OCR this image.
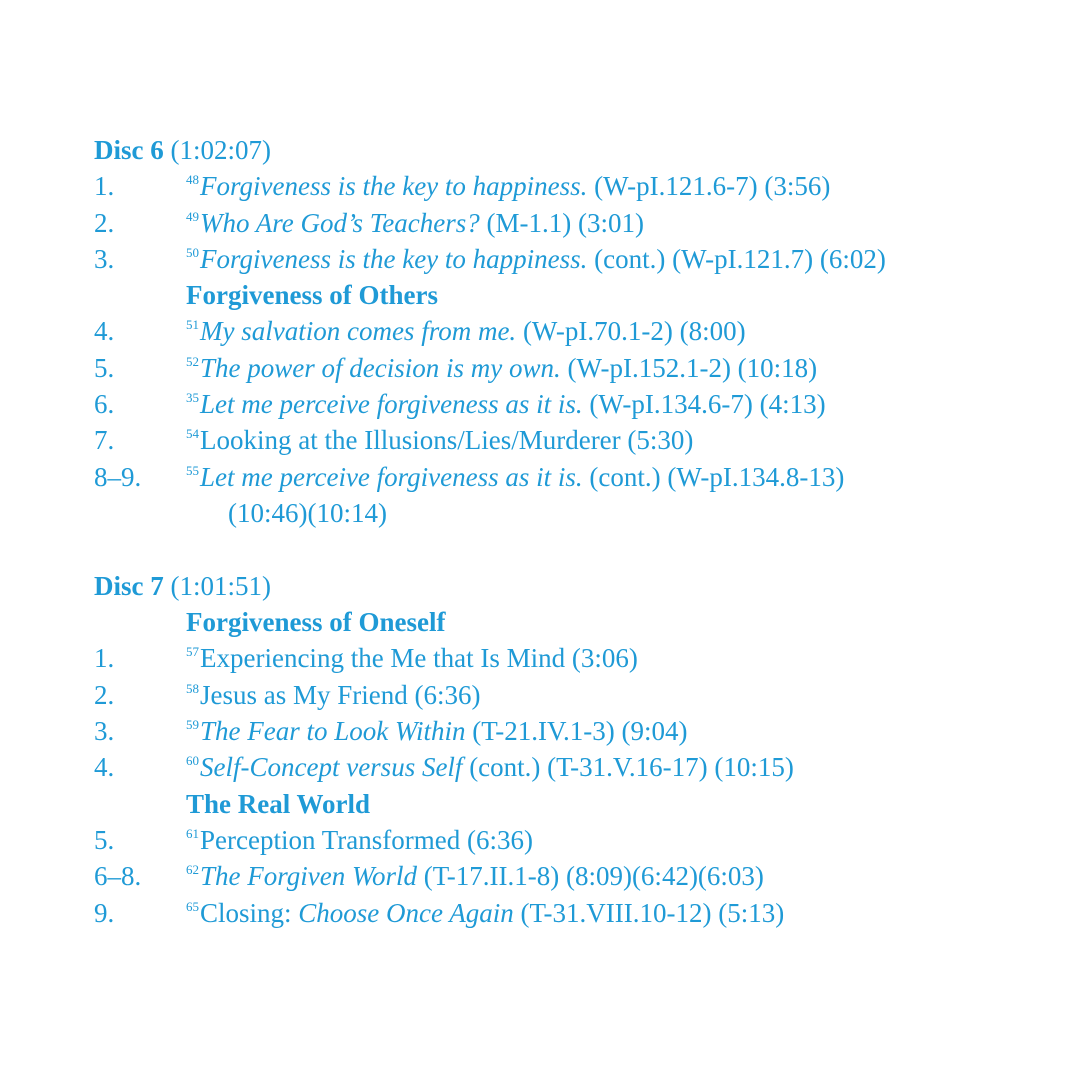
Disc 6 (1:02:07)
1.	$^{48}$Forgiveness is the key to happiness. (W-pI.121.6-7) (3:56)
2.	$^{49}$Who Are God’s Teachers? (M-1.1) (3:01)
3.	$^{50}$Forgiveness is the key to happiness. (cont.) (W-pI.121.7) (6:02)
Forgiveness of Others
4.	$^{51}$My salvation comes from me. (W-pI.70.1-2) (8:00)
5.	$^{52}$The power of decision is my own. (W-pI.152.1-2) (10:18)
6.	$^{35}$Let me perceive forgiveness as it is. (W-pI.134.6-7) (4:13)
7.	$^{54}$Looking at the Illusions/Lies/Murderer (5:30)
8–9.	$^{55}$Let me perceive forgiveness as it is. (cont.) (W-pI.134.8-13)
(10:46)(10:14)
Disc 7 (1:01:51)
Forgiveness of Oneself
1.	$^{57}$Experiencing the Me that Is Mind (3:06)
2.	$^{58}$Jesus as My Friend (6:36)
3.	$^{59}$The Fear to Look Within (T-21.IV.1-3) (9:04)
4.	$^{60}$Self-Concept versus Self (cont.) (T-31.V.16-17) (10:15)
The Real World
5.	$^{61}$Perception Transformed (6:36)
6–8.	$^{62}$The Forgiven World (T-17.II.1-8) (8:09)(6:42)(6:03)
9.	$^{65}$Closing: Choose Once Again (T-31.VIII.10-12) (5:13)
